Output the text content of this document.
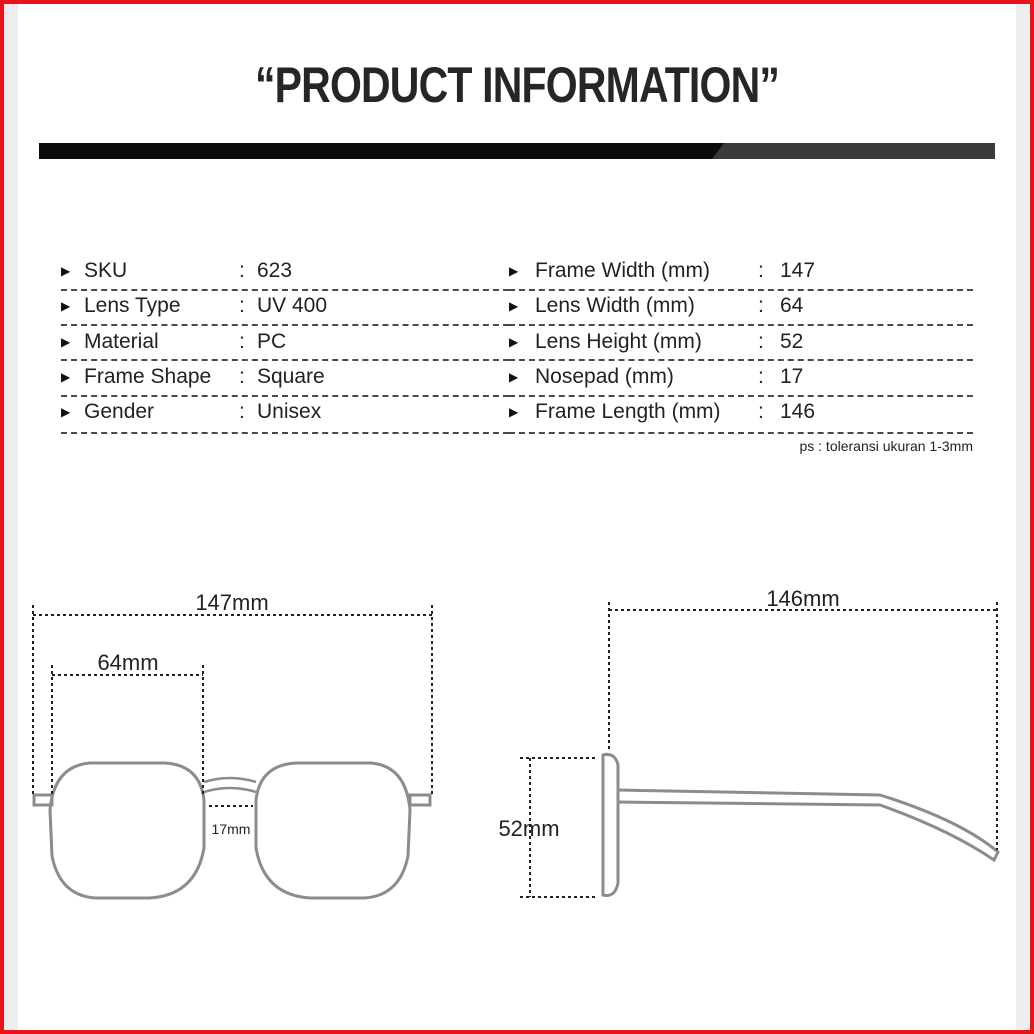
“PRODUCT INFORMATION”
▶ SKU	: 623
▶ Lens Type	: UV 400
▶ Material	: PC
▶ Frame Shape : Square
▶ Gender	: Unisex
▶ Frame Width (mm) : 147
▶ Lens Width (mm)	: 64
▶ Lens Height (mm)	: 52
▶ Nosepad (mm)	: 17
▶ Frame Length (mm) : 146
ps : toleransi ukuran 1-3mm
147mm
64mm
17mm
146mm
52mm
